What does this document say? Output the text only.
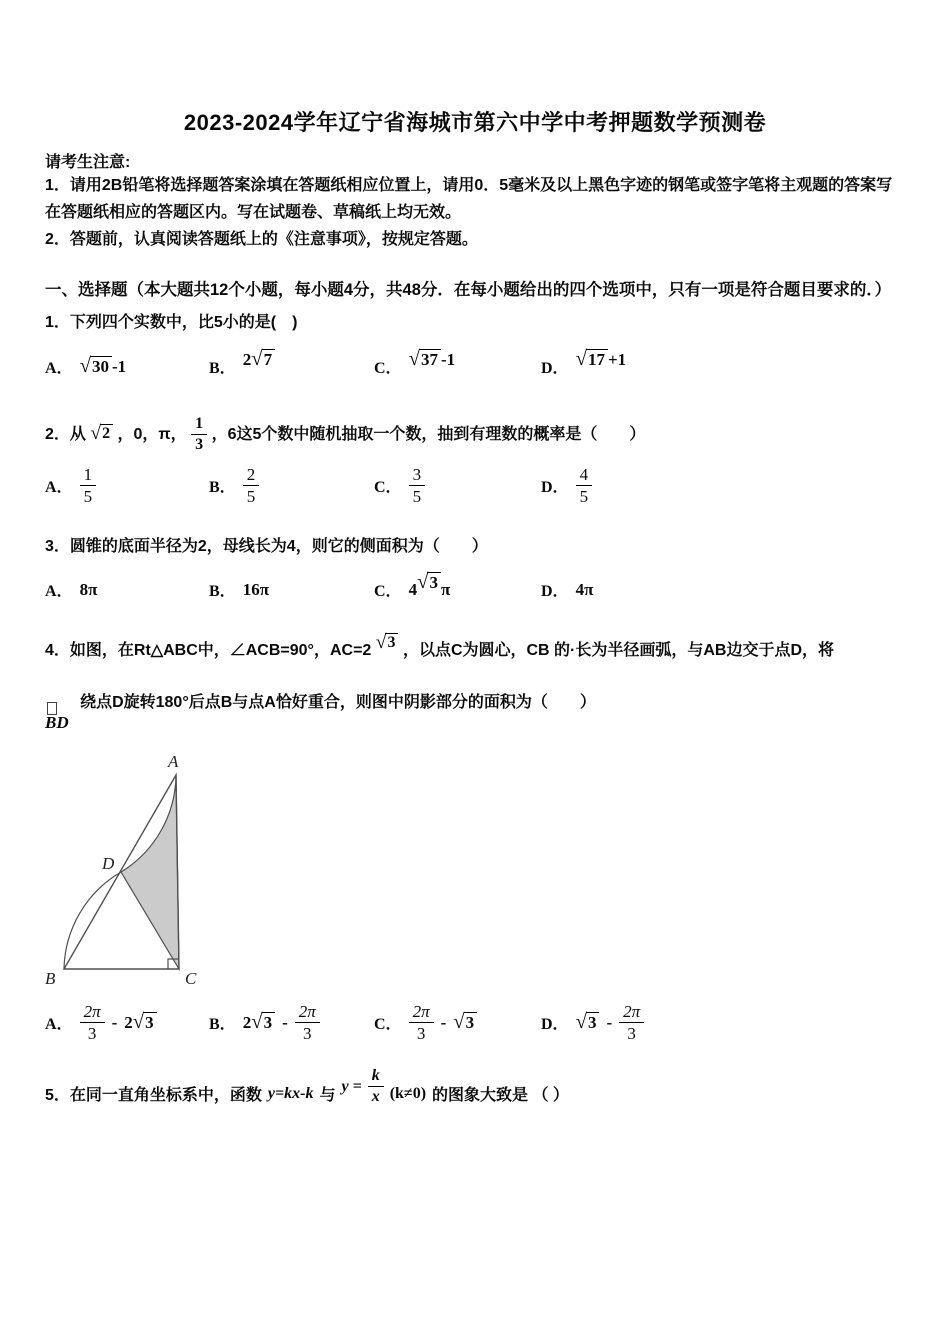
2023-2024学年辽宁省海城市第六中学中考押题数学预测卷
请考生注意:
1．请用2B铅笔将选择题答案涂填在答题纸相应位置上，请用0．5毫米及以上黑色字迹的钢笔或签字笔将主观题的答案写在答题纸相应的答题区内。写在试题卷、草稿纸上均无效。
2．答题前，认真阅读答题纸上的《注意事项》，按规定答题。
一、选择题（本大题共12个小题，每小题4分，共48分．在每小题给出的四个选项中，只有一项是符合题目要求的．）
1．下列四个实数中，比5小的是(　)
A． √ 30 -1	B． 2 √ 7	C． √ 37 -1	D． √ 17 +1
2．从 √ 2 ，0，π， $\frac{1}{3}$ ，6这5个数中随机抽取一个数，抽到有理数的概率是（　　）
A． $\frac{1}{5}$	B． $\frac{2}{5}$	C． $\frac{3}{5}$	D． $\frac{4}{5}$
3．圆锥的底面半径为2，母线长为4，则它的侧面积为（　　）
A． 8π	B． 16π	C． 4 √ 3 π	D． 4π
4．如图，在Rt△ABC中，∠ACB=90°，AC=2 √ 3 ，以点C为圆心，CB 的·长为半径画弧，与AB边交于点D，将
BD
绕点D旋转180°后点B与点A恰好重合，则图中阴影部分的面积为（　　）
A
B	C
D
A． $\frac{2\pi}{3} - 2$ √ 3	B． 2 √ $3 - \frac{2\pi}{3}$	C． $\frac{2\pi}{3}$ - √ 3	D． √ $3 - \frac{2\pi}{3}$
5．在同一直角坐标系中，函数 y=kx-k 与
$y = \frac{k}{x} (k\ne 0)$ 的图象大致是 （ ）
